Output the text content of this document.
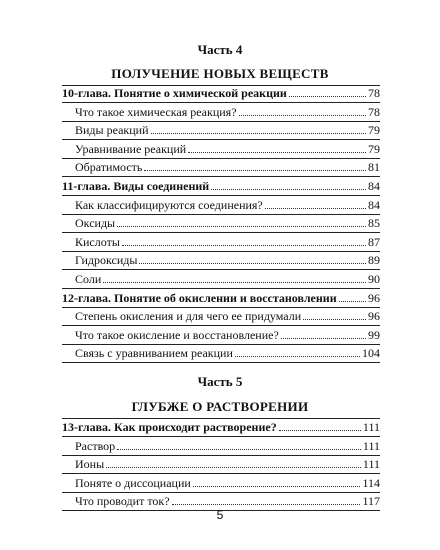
Часть 4
ПОЛУЧЕНИЕ НОВЫХ ВЕЩЕСТВ
10-глава. Понятие о химической реакции	78
Что такое химическая реакция?	78
Виды реакций	79
Уравнивание реакций	79
Обратимость	81
11-глава. Виды соединений	84
Как классифицируются соединения?	84
Оксиды	85
Кислоты	87
Гидроксиды	89
Соли	90
12-глава. Понятие об окислении и восстановлении	96
Степень окисления и для чего ее придумали	96
Что такое окисление и восстановление?	99
Связь с уравниванием реакции	104
Часть 5
ГЛУБЖЕ О РАСТВОРЕНИИ
13-глава. Как происходит растворение?	111
Раствор	111
Ионы	111
Поняте о диссоциации	114
Что проводит ток?	117
5
